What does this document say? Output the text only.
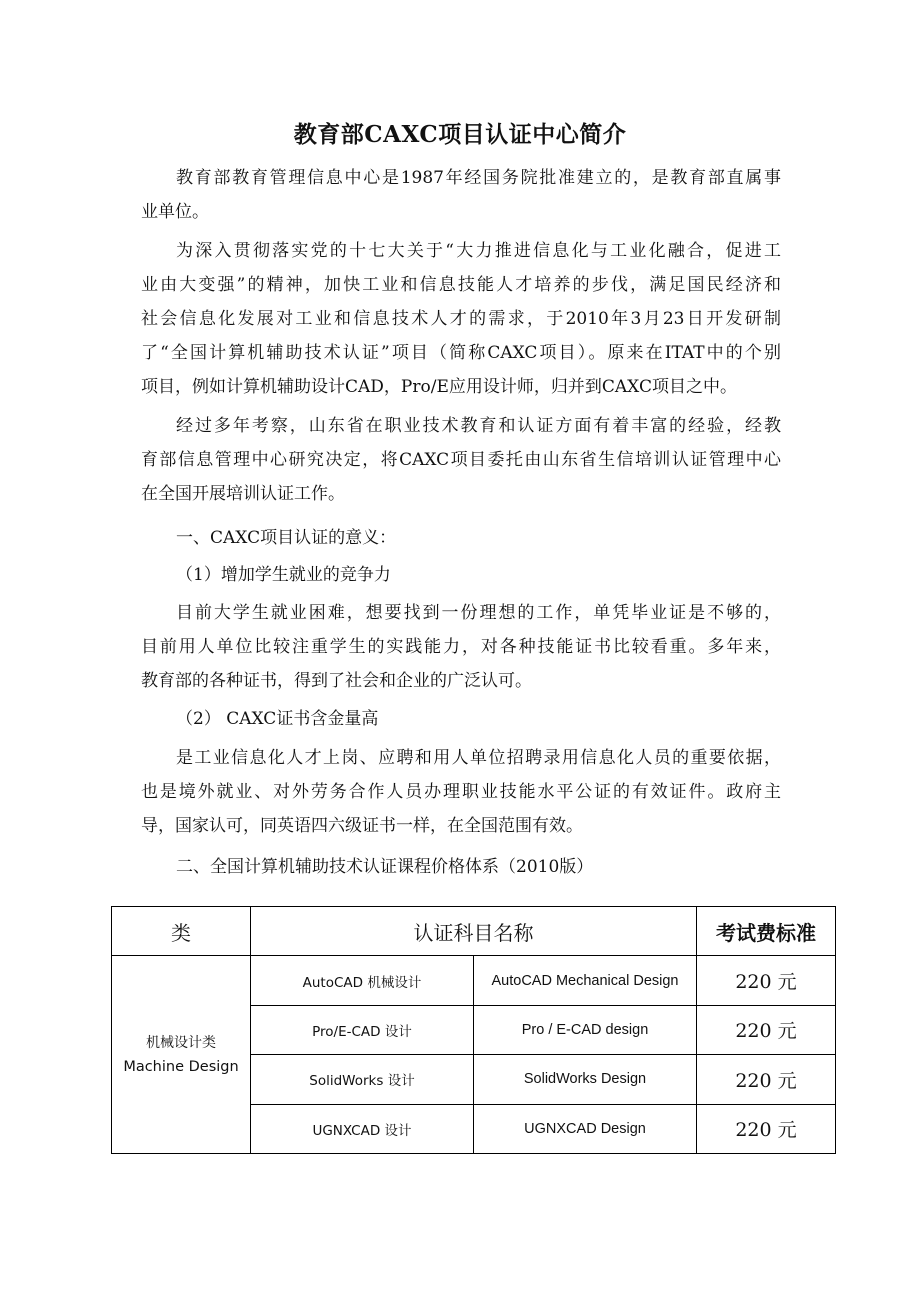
教育部CAXC项目认证中心简介
教育部教育管理信息中心是1987年经国务院批准建立的，是教育部直属事
业单位。
为深入贯彻落实党的十七大关于“大力推进信息化与工业化融合，促进工
业由大变强”的精神，加快工业和信息技能人才培养的步伐，满足国民经济和
社会信息化发展对工业和信息技术人才的需求，于2010年3月23日开发研制
了“全国计算机辅助技术认证”项目（简称CAXC项目）。原来在ITAT中的个别
项目，例如计算机辅助设计CAD，Pro/E应用设计师，归并到CAXC项目之中。
经过多年考察，山东省在职业技术教育和认证方面有着丰富的经验，经教
育部信息管理中心研究决定，将CAXC项目委托由山东省生信培训认证管理中心
在全国开展培训认证工作。
一、CAXC项目认证的意义：
（1）增加学生就业的竞争力
目前大学生就业困难，想要找到一份理想的工作，单凭毕业证是不够的，
目前用人单位比较注重学生的实践能力，对各种技能证书比较看重。多年来，
教育部的各种证书，得到了社会和企业的广泛认可。
（2） CAXC证书含金量高
是工业信息化人才上岗、应聘和用人单位招聘录用信息化人员的重要依据，
也是境外就业、对外劳务合作人员办理职业技能水平公证的有效证件。政府主
导，国家认可，同英语四六级证书一样，在全国范围有效。
二、全国计算机辅助技术认证课程价格体系（2010版）
类	认证科目名称		考试费标准

机械设计类
Machine Design	AutoCAD 机械设计	AutoCAD Mechanical Design	220 元
	Pro/E-CAD 设计	Pro / E-CAD design	220 元
	SolidWorks 设计	SolidWorks Design	220 元
	UGNXCAD 设计	UGNXCAD Design	220 元
